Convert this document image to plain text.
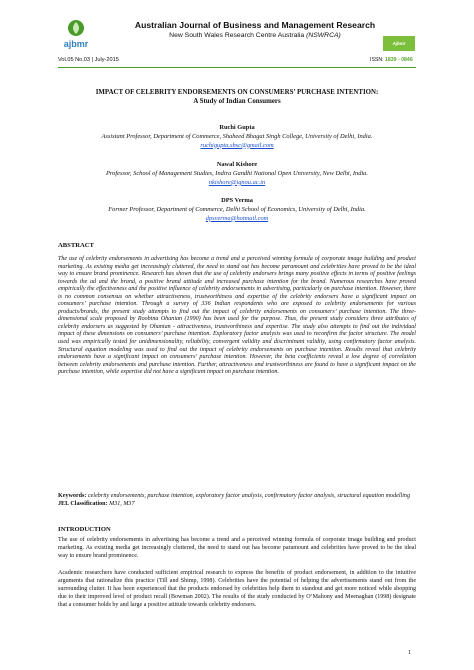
ajbmr
Australian Journal of Business and Management Research
New South Wales Research Centre Australia (NSWRCA)
Ajbmr
Vol.05 No.03 | July-2015	ISSN: 1839 - 0846
IMPACT OF CELEBRITY ENDORSEMENTS ON CONSUMERS’ PURCHASE INTENTION:
A Study of Indian Consumers
Ruchi Gupta
Assistant Professor, Department of Commerce, Shaheed Bhagat Singh College, University of Delhi, India.
ruchigupta.sbsc@gmail.com
Nawal Kishore
Professor, School of Management Studies, Indira Gandhi National Open University, New Delhi, India.
nkishore@ignou.ac.in
DPS Verma
Former Professor, Department of Commerce, Delhi School of Economics, University of Delhi, India.
dpsverma@hotmail.com
ABSTRACT
The use of celebrity endorsements in advertising has become a trend and a perceived winning formula of corporate image building and product marketing. As existing media get increasingly cluttered, the need to stand out has become paramount and celebrities have proved to be the ideal way to ensure brand prominence. Research has shown that the use of celebrity endorsers brings many positive effects in terms of positive feelings towards the ad and the brand, a positive brand attitude and increased purchase intention for the brand. Numerous researches have proved empirically the effectiveness and the positive influence of celebrity endorsements in advertising, particularly on purchase intention. However, there is no common consensus on whether attractiveness, trustworthiness and expertise of the celebrity endorsers have a significant impact on consumers’ purchase intention. Through a survey of 336 Indian respondents who are exposed to celebrity endorsements for various products/brands, the present study attempts to find out the impact of celebrity endorsements on consumers’ purchase intention. The three-dimensional scale proposed by Roobina Ohanian (1990) has been used for the purpose. Thus, the present study considers three attributes of celebrity endorsers as suggested by Ohanian - attractiveness, trustworthiness and expertise. The study also attempts to find out the individual impact of these dimensions on consumers’ purchase intention. Exploratory factor analysis was used to reconfirm the factor structure. The model used was empirically tested for unidimensionality, reliability, convergent validity and discriminant validity, using confirmatory factor analysis. Structural equation modeling was used to find out the impact of celebrity endorsements on purchase intention. Results reveal that celebrity endorsements have a significant impact on consumers’ purchase intention. However, the beta coefficients reveal a low degree of correlation between celebrity endorsements and purchase intention. Further, attractiveness and trustworthiness are found to have a significant impact on the purchase intention, while expertise did not have a significant impact on purchase intention.
Keywords: celebrity endorsements, purchase intention, exploratory factor analysis, confirmatory factor analysis, structural equation modelling
JEL Classification: M31, M37
INTRODUCTION
The use of celebrity endorsements in advertising has become a trend and a perceived winning formula of corporate image building and product marketing. As existing media get increasingly cluttered, the need to stand out has become paramount and celebrities have proved to be the ideal way to ensure brand prominence.
Academic researchers have conducted sufficient empirical research to express the benefits of product endorsement, in addition to the intuitive arguments that rationalize this practice (Till and Shimp, 1998). Celebrities have the potential of helping the advertisements stand out from the surrounding clutter. It has been experienced that the products endorsed by celebrities help them to standout and get more noticed while shopping due to their improved level of product recall (Bowman 2002). The results of the study conducted by O’Mahony and Meenaghan (1998) designate that a consumer holds by and large a positive attitude towards celebrity endorsers.
1
